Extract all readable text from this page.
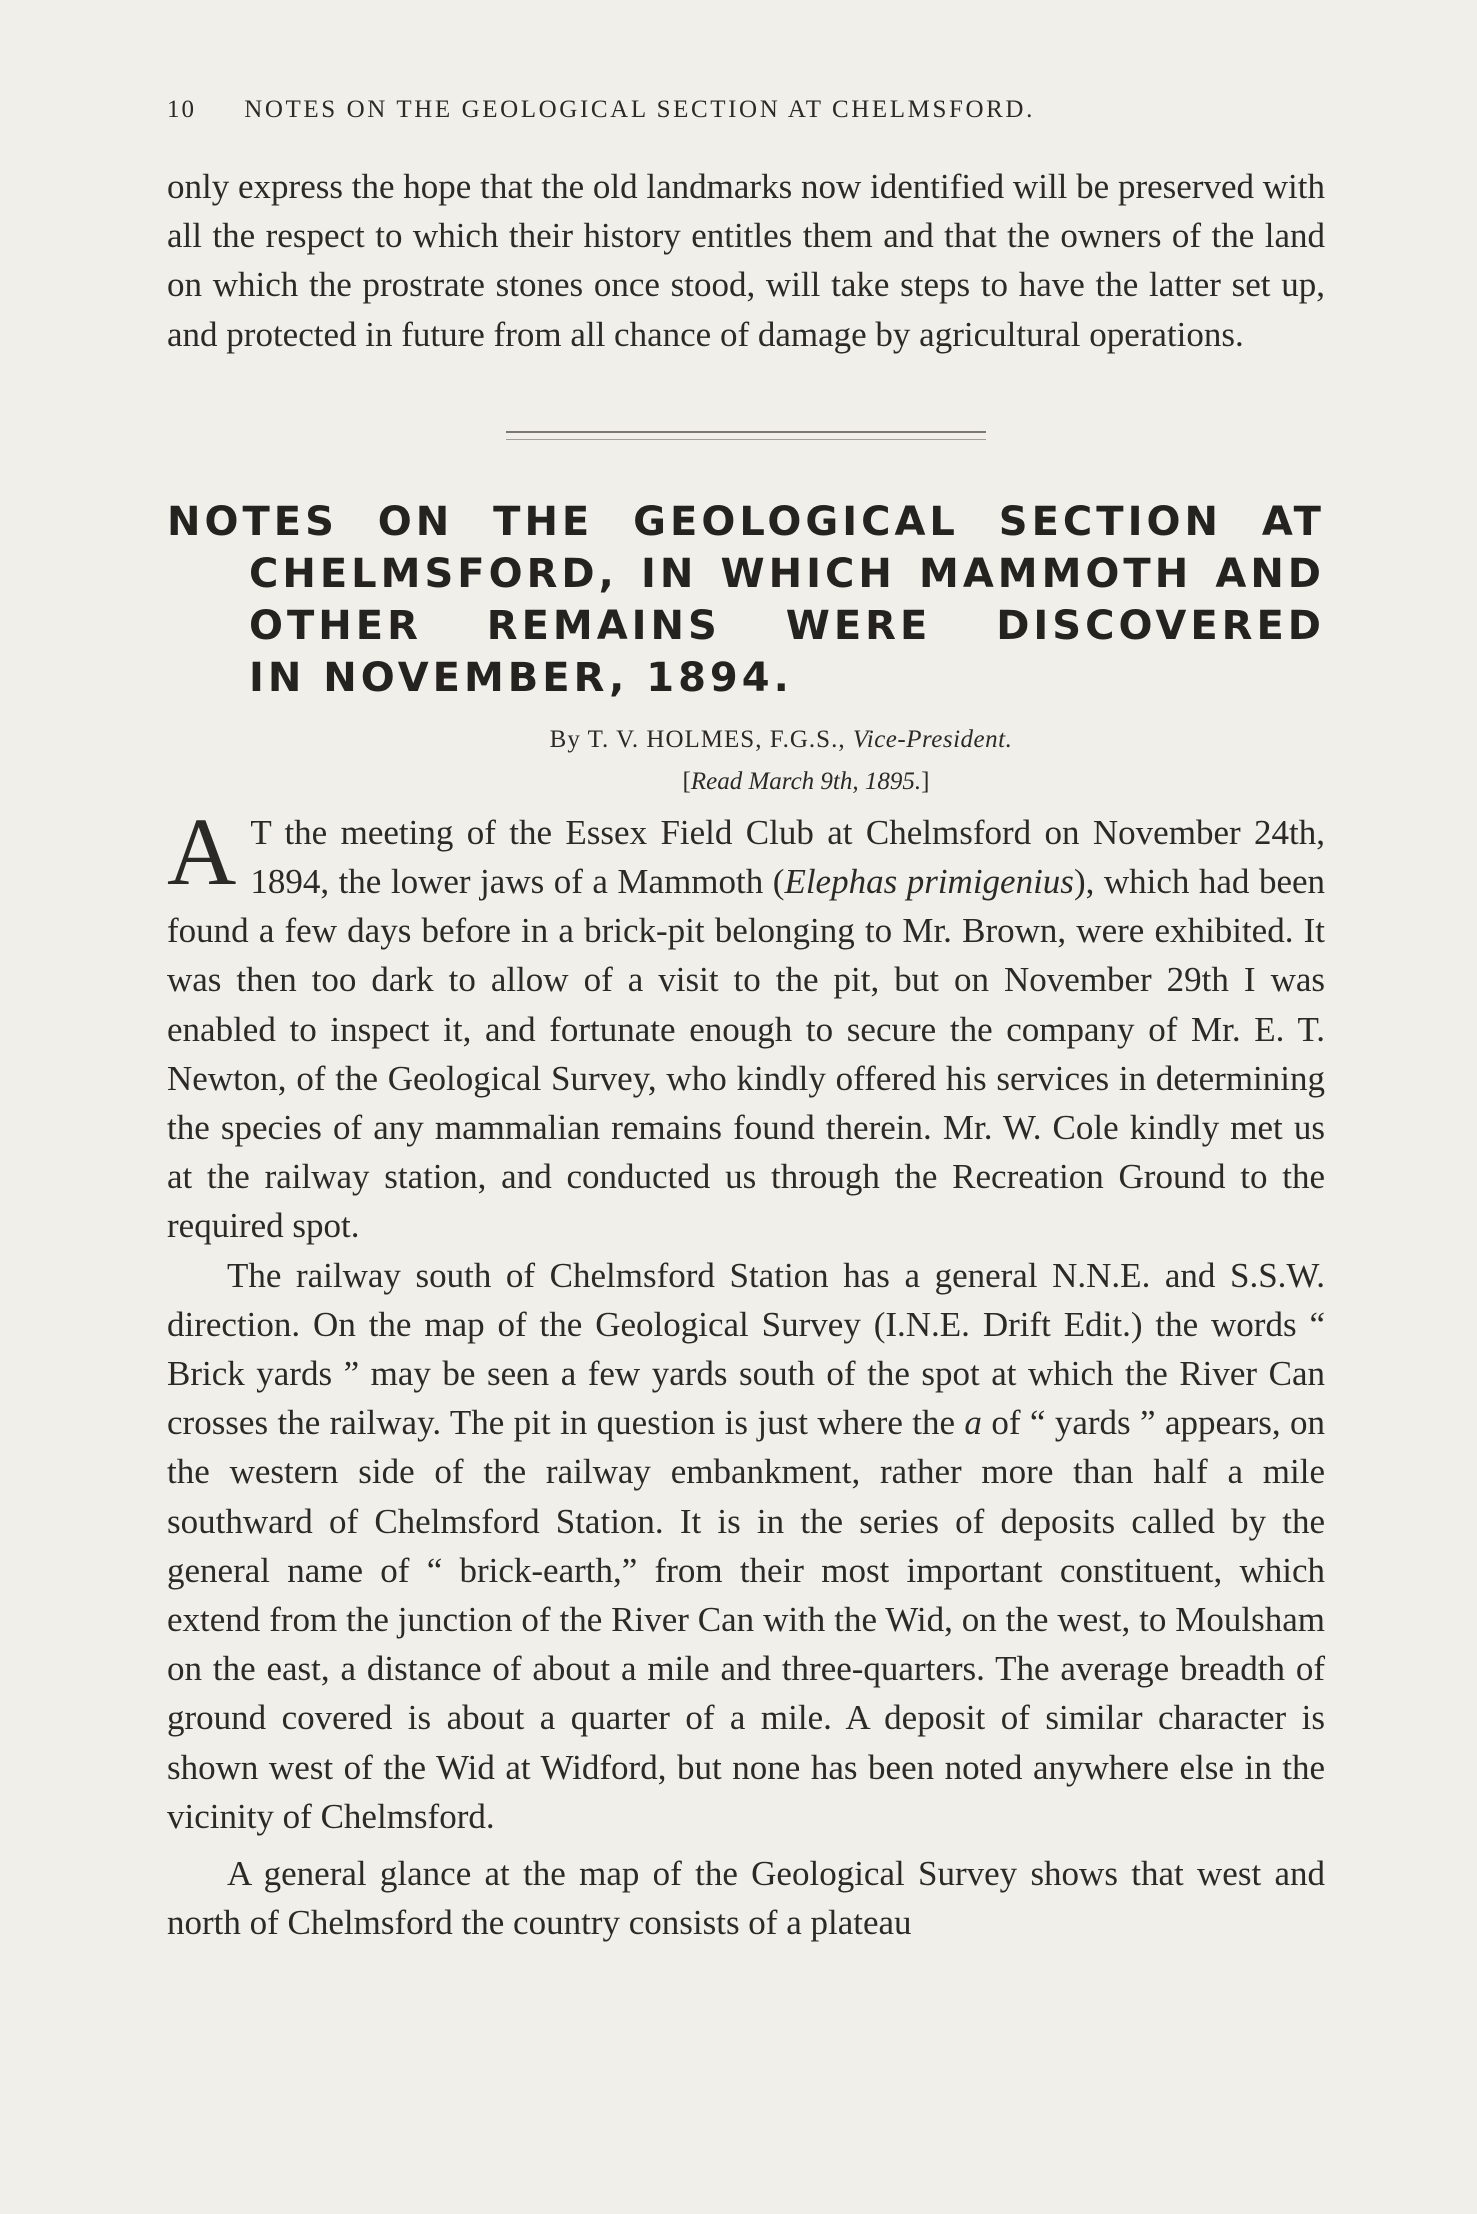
10 NOTES ON THE GEOLOGICAL SECTION AT CHELMSFORD.

only express the hope that the old landmarks now identified will be preserved with all the respect to which their history entitles them and that the owners of the land on which the prostrate stones once stood, will take steps to have the latter set up, and protected in future from all chance of damage by agricultural operations.

NOTES ON THE GEOLOGICAL SECTION AT
CHELMSFORD, IN WHICH MAMMOTH AND
OTHER REMAINS WERE DISCOVERED
IN NOVEMBER, 1894.
By T. V. HOLMES, F.G.S., Vice-President.
[Read March 9th, 1895.]

A T the meeting of the Essex Field Club at Chelmsford on November 24th, 1894, the lower jaws of a Mammoth (Elephas primigenius), which had been found a few days before in a brick-pit belonging to Mr. Brown, were exhibited. It was then too dark to allow of a visit to the pit, but on November 29th I was enabled to inspect it, and fortunate enough to secure the company of Mr. E. T. Newton, of the Geological Survey, who kindly offered his services in determining the species of any mammalian remains found therein. Mr. W. Cole kindly met us at the railway station, and conducted us through the Recreation Ground to the required spot.

The railway south of Chelmsford Station has a general N.N.E. and S.S.W. direction. On the map of the Geological Survey (I.N.E. Drift Edit.) the words “ Brick yards ” may be seen a few yards south of the spot at which the River Can crosses the railway. The pit in question is just where the a of “ yards ” appears, on the western side of the railway embankment, rather more than half a mile southward of Chelmsford Station. It is in the series of deposits called by the general name of “ brick-earth,” from their most important constituent, which extend from the junction of the River Can with the Wid, on the west, to Moulsham on the east, a distance of about a mile and three-quarters. The average breadth of ground covered is about a quarter of a mile. A deposit of similar character is shown west of the Wid at Widford, but none has been noted anywhere else in the vicinity of Chelmsford.

A general glance at the map of the Geological Survey shows that west and north of Chelmsford the country consists of a plateau
